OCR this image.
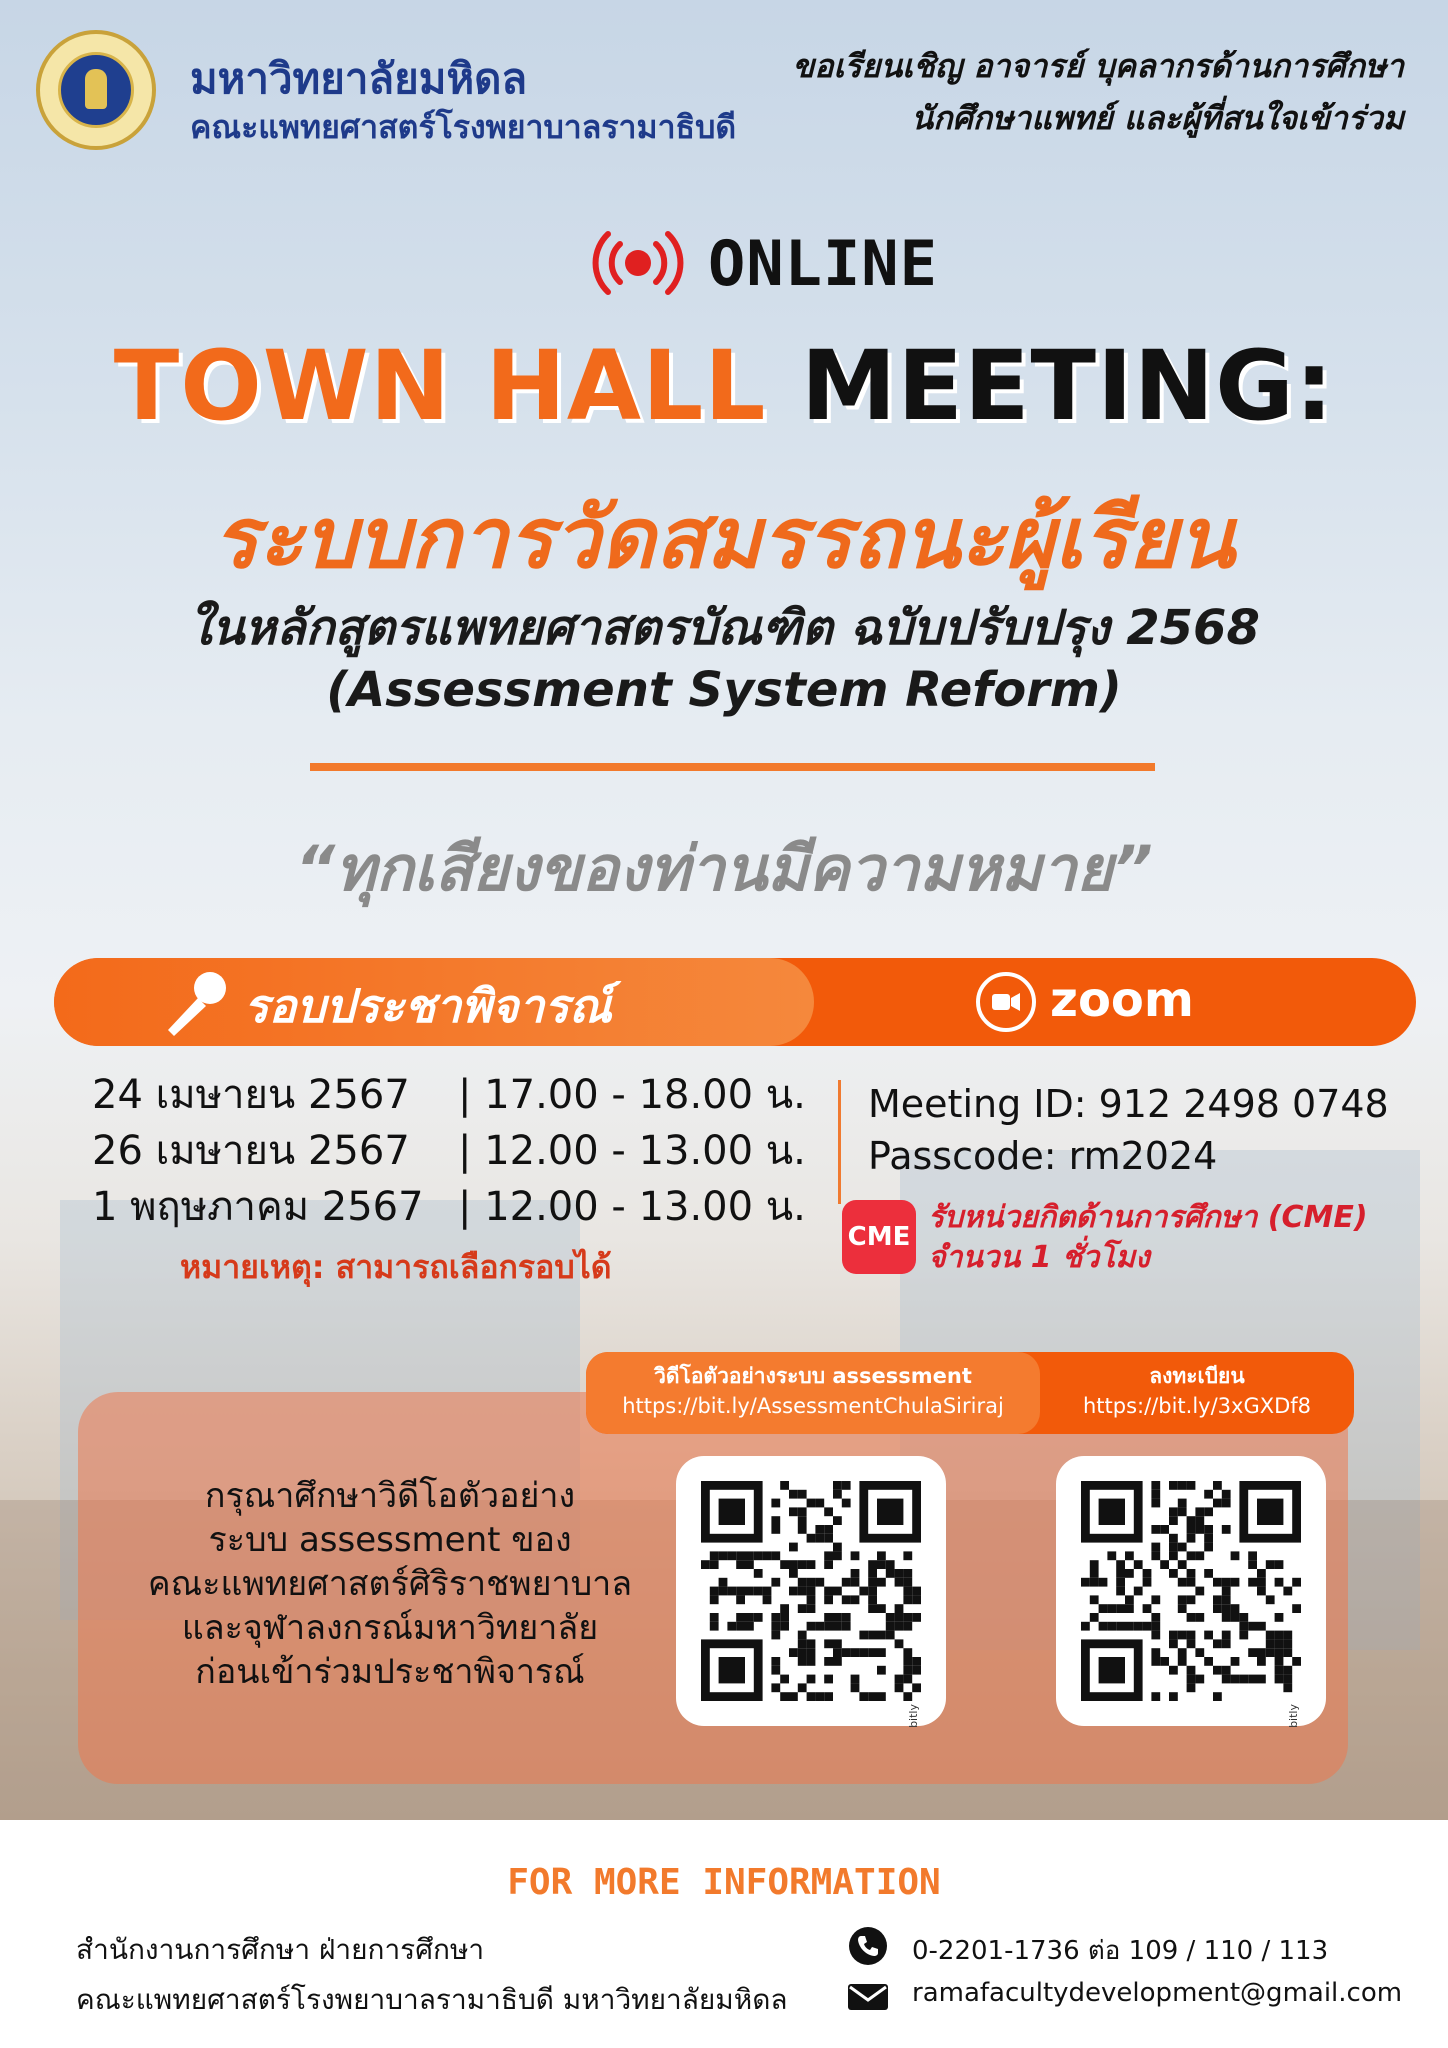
มหาวิทยาลัยมหิดล
คณะแพทยศาสตร์โรงพยาบาลรามาธิบดี
ขอเรียนเชิญ อาจารย์ บุคลากรด้านการศึกษา
นักศึกษาแพทย์ และผู้ที่สนใจเข้าร่วม
ONLINE
TOWN HALL MEETING:
ระบบการวัดสมรรถนะผู้เรียน
ในหลักสูตรแพทยศาสตรบัณฑิต ฉบับปรับปรุง 2568
(Assessment System Reform)
“ทุกเสียงของท่านมีความหมาย”
รอบประชาพิจารณ์	zoom
24 เมษายน 2567 | 17.00 - 18.00 น.
26 เมษายน 2567 | 12.00 - 13.00 น.
1 พฤษภาคม 2567 | 12.00 - 13.00 น.
หมายเหตุ: สามารถเลือกรอบได้
Meeting ID: 912 2498 0748
Passcode: rm2024
CME
รับหน่วยกิตด้านการศึกษา (CME)
จำนวน 1 ชั่วโมง
วิดีโอตัวอย่างระบบ assessment
https://bit.ly/AssessmentChulaSiriraj
ลงทะเบียน
https://bit.ly/3xGXDf8
กรุณาศึกษาวิดีโอตัวอย่าง
ระบบ assessment ของ
คณะแพทยศาสตร์ศิริราชพยาบาล
และจุฬาลงกรณ์มหาวิทยาลัย
ก่อนเข้าร่วมประชาพิจารณ์
bitly	bitly
FOR MORE INFORMATION
สำนักงานการศึกษา ฝ่ายการศึกษา
คณะแพทยศาสตร์โรงพยาบาลรามาธิบดี มหาวิทยาลัยมหิดล
0-2201-1736 ต่อ 109 / 110 / 113
ramafacultydevelopment@gmail.com
